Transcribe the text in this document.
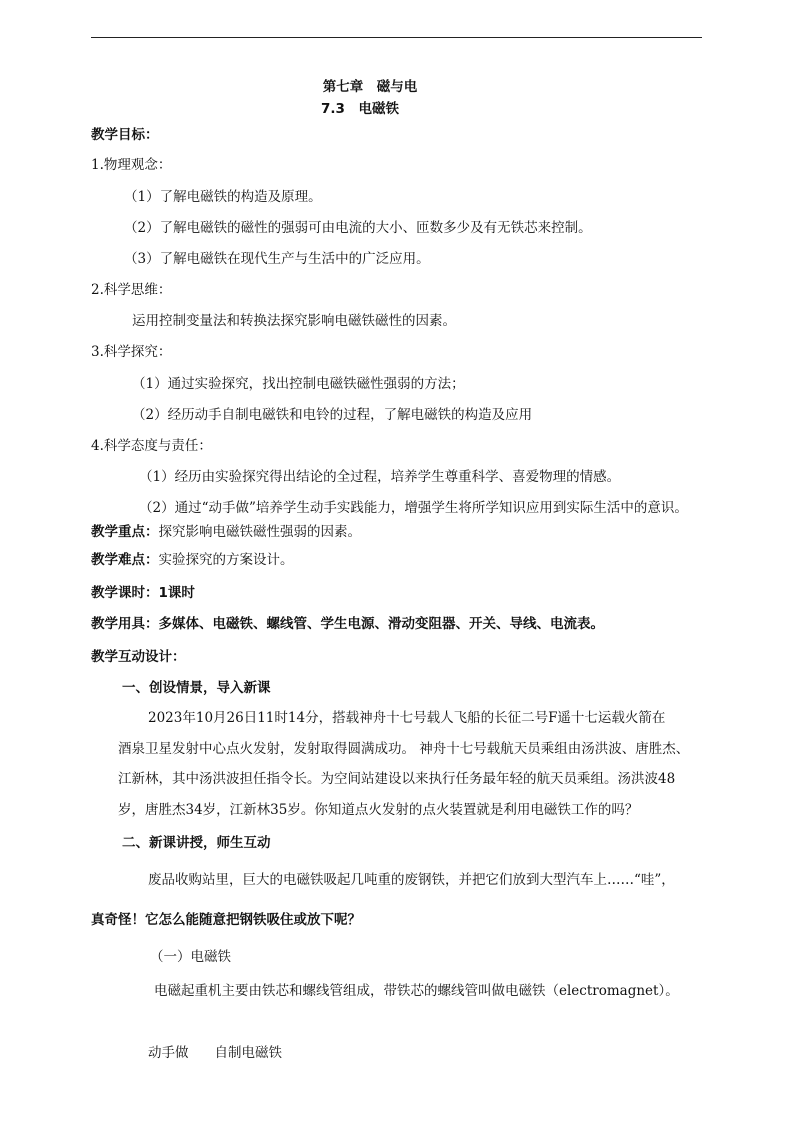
第七章　磁与电
7.3　电磁铁
教学目标：
1.物理观念：
（1）了解电磁铁的构造及原理。
（2）了解电磁铁的磁性的强弱可由电流的大小、匝数多少及有无铁芯来控制。
（3）了解电磁铁在现代生产与生活中的广泛应用。
2.科学思维：
运用控制变量法和转换法探究影响电磁铁磁性的因素。
3.科学探究：
（1）通过实验探究，找出控制电磁铁磁性强弱的方法；
（2）经历动手自制电磁铁和电铃的过程，了解电磁铁的构造及应用
4.科学态度与责任：
（1）经历由实验探究得出结论的全过程，培养学生尊重科学、喜爱物理的情感。
（2）通过“动手做”培养学生动手实践能力，增强学生将所学知识应用到实际生活中的意识。
教学重点：探究影响电磁铁磁性强弱的因素。
教学难点：实验探究的方案设计。
教学课时：1课时
教学用具：多媒体、电磁铁、螺线管、学生电源、滑动变阻器、开关、导线、电流表。
教学互动设计：
一、创设情景，导入新课
2023年10月26日11时14分，搭载神舟十七号载人飞船的长征二号F遥十七运载火箭在
酒泉卫星发射中心点火发射，发射取得圆满成功。 神舟十七号载航天员乘组由汤洪波、唐胜杰、
江新林，其中汤洪波担任指令长。为空间站建设以来执行任务最年轻的航天员乘组。汤洪波48
岁，唐胜杰34岁，江新林35岁。你知道点火发射的点火装置就是利用电磁铁工作的吗？
二、新课讲授，师生互动
废品收购站里，巨大的电磁铁吸起几吨重的废钢铁，并把它们放到大型汽车上……“哇”，
真奇怪！它怎么能随意把钢铁吸住或放下呢？
（一）电磁铁
电磁起重机主要由铁芯和螺线管组成，带铁芯的螺线管叫做电磁铁（electromagnet）。
动手做 自制电磁铁
